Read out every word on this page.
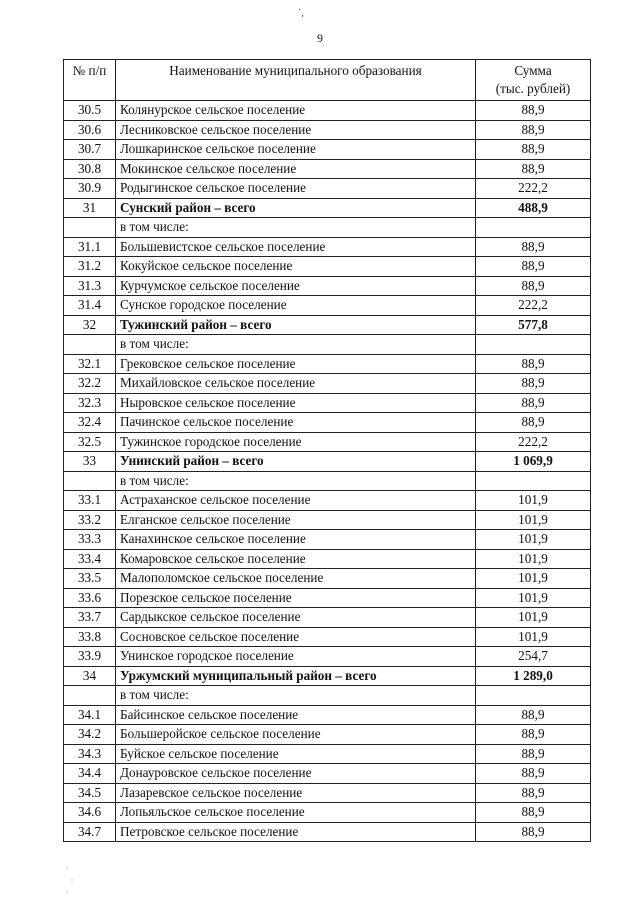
˙,
9
№ п/п	Наименование муниципального образования	Сумма
(тыс. рублей)

30.5	Колянурское сельское поселение	88,9
30.6	Лесниковское сельское поселение	88,9
30.7	Лошкаринское сельское поселение	88,9
30.8	Мокинское сельское поселение	88,9
30.9	Родыгинское сельское поселение	222,2
31	Сунский район – всего	488,9
	в том числе:	
31.1	Большевистское сельское поселение	88,9
31.2	Кокуйское сельское поселение	88,9
31.3	Курчумское сельское поселение	88,9
31.4	Сунское городское поселение	222,2
32	Тужинский район – всего	577,8
	в том числе:	
32.1	Грековское сельское поселение	88,9
32.2	Михайловское сельское поселение	88,9
32.3	Ныровское сельское поселение	88,9
32.4	Пачинское сельское поселение	88,9
32.5	Тужинское городское поселение	222,2
33	Унинский район – всего	1 069,9
	в том числе:	
33.1	Астраханское сельское поселение	101,9
33.2	Елганское сельское поселение	101,9
33.3	Канахинское сельское поселение	101,9
33.4	Комаровское сельское поселение	101,9
33.5	Малополомское сельское поселение	101,9
33.6	Порезское сельское поселение	101,9
33.7	Сардыкское сельское поселение	101,9
33.8	Сосновское сельское поселение	101,9
33.9	Унинское городское поселение	254,7
34	Уржумский муниципальный район – всего	1 289,0
	в том числе:	
34.1	Байсинское сельское поселение	88,9
34.2	Большеройское сельское поселение	88,9
34.3	Буйское сельское поселение	88,9
34.4	Донауровское сельское поселение	88,9
34.5	Лазаревское сельское поселение	88,9
34.6	Лопьяльское сельское поселение	88,9
34.7	Петровское сельское поселение	88,9
·
·
·
